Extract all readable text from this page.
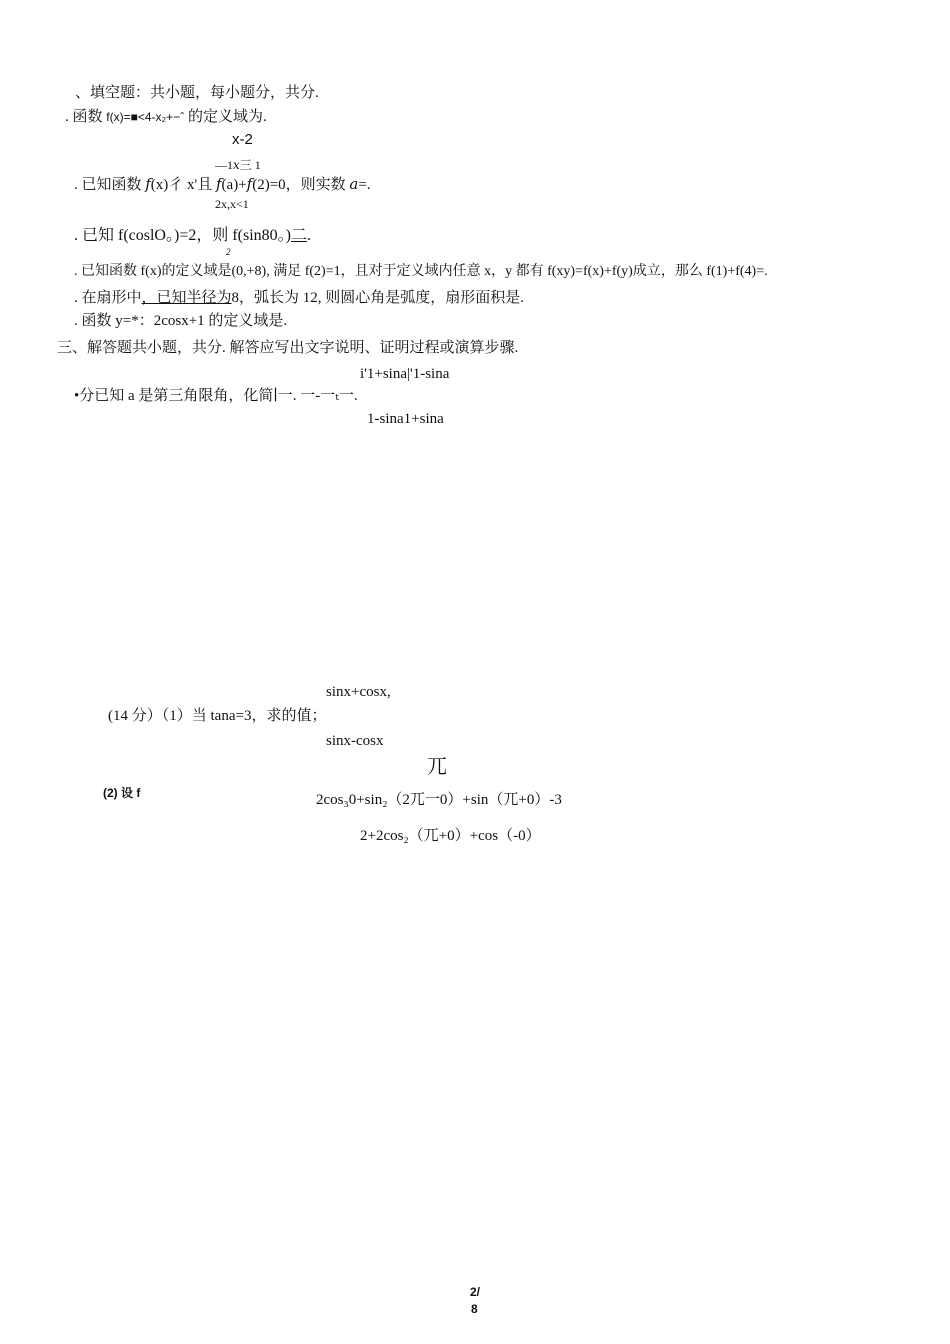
、填空题：共小题，每小题分，共分.
. 函数 f(x)=■<4-x₂+−ˆ 的定义域为.
x-2
—1𝑥三 1
. 已知函数 𝑓(x)彳 x'且 𝑓(a)+𝑓(2)=0，则实数 𝑎=.
2x,x<1
. 已知 f(coslO。)=2，则 f(sin80。)二.
2
. 已知函数 f(x)的定义域是(0,+8), 满足 f(2)=1，且对于定义域内任意 x，y 都有 f(xy)=f(x)+f(y)成立，那么 f(1)+f(4)=.
. 在扇形中，已知半径为8，弧长为 12, 则圆心角是弧度，扇形面积是.
. 函数 y=*：2cosx+1 的定义域是.
三、解答题共小题，共分. 解答应写出文字说明、证明过程或演算步骤.
i'1+sina|'1-sina
•分已知 a 是第三角限角，化简∣一. 一-一ₜ一.
1-sina1+sina
sinx+cosx,
(14 分）（1）当 tana=3，求的值；
sinx-cosx
兀
(2) 设 f	2cos₃0+sin₂（2兀一0）+sin（兀+0）-3
2+2cos₂（兀+0）+cos（-0）
2/
8
